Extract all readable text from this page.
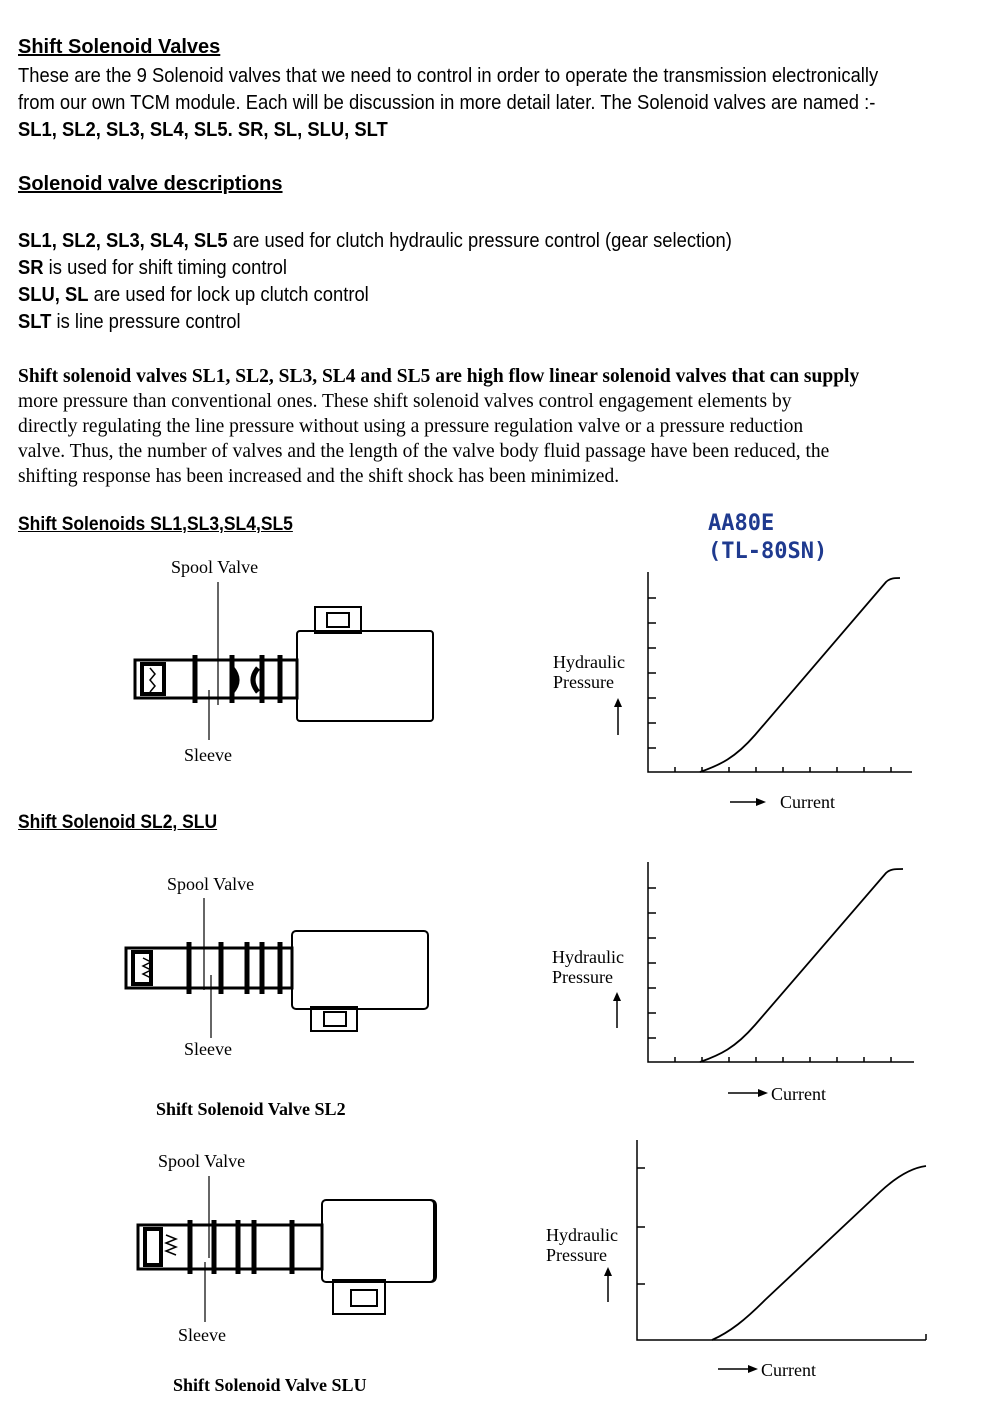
Shift Solenoid Valves
These are the 9 Solenoid valves that we need to control in order to operate the transmission electronically
from our own TCM module. Each will be discussion in more detail later. The Solenoid valves are named :-
SL1, SL2, SL3, SL4, SL5. SR, SL, SLU, SLT
Solenoid valve descriptions
SL1, SL2, SL3, SL4, SL5 are used for clutch hydraulic pressure control (gear selection)
SR is used for shift timing control
SLU, SL are used for lock up clutch control
SLT is line pressure control
Shift solenoid valves SL1, SL2, SL3, SL4 and SL5 are high flow linear solenoid valves that can supply
more pressure than conventional ones. These shift solenoid valves control engagement elements by
directly regulating the line pressure without using a pressure regulation valve or a pressure reduction
valve. Thus, the number of valves and the length of the valve body fluid passage have been reduced, the
shifting response has been increased and the shift shock has been minimized.
Shift Solenoids SL1,SL3,SL4,SL5	AA80E
(TL-80SN)
Spool Valve
Sleeve
Hydraulic
Pressure
Current
Shift Solenoid SL2, SLU
Spool Valve
Sleeve
Shift Solenoid Valve SL2
Hydraulic
Pressure
Current
Spool Valve
Sleeve
Shift Solenoid Valve SLU
Hydraulic
Pressure
Current
